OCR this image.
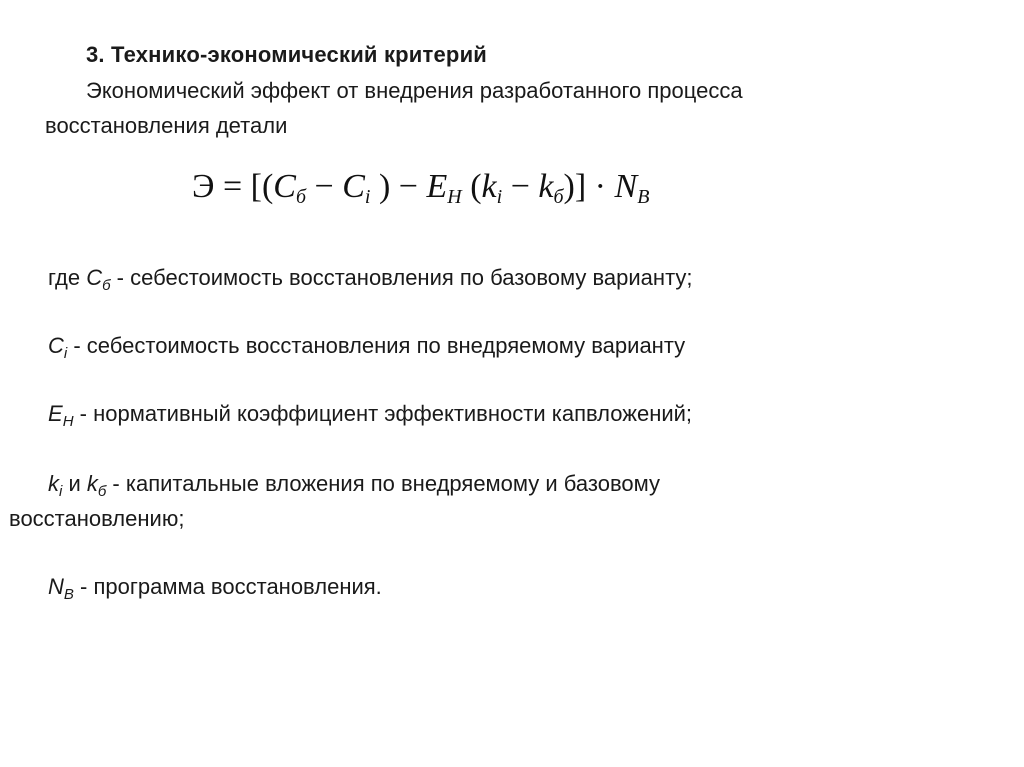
3. Технико-экономический критерий
Экономический эффект от внедрения разработанного процесса
восстановления детали
$Э = [(C_б - C_i$ ) − $E_Н$ $(k_i - k_б)] \cdot N_В$
где $C_б$ - себестоимость восстановления по базовому варианту;
$C_i$ - себестоимость восстановления по внедряемому варианту
$E_Н$ - нормативный коэффициент эффективности капвложений;
$k_i$ и $k_б$ - капитальные вложения по внедряемому и базовому
восстановлению;
$N_В$ - программа восстановления.
